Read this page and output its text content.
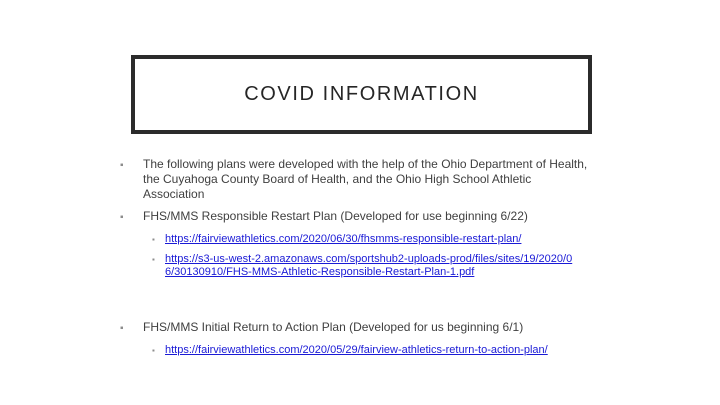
COVID INFORMATION
▪ The following plans were developed with the help of the Ohio Department of Health, the Cuyahoga County Board of Health, and the Ohio High School Athletic Association
▪ FHS/MMS Responsible Restart Plan (Developed for use beginning 6/22)
▪ https://fairviewathletics.com/2020/06/30/fhsmms-responsible-restart-plan/
▪ https://s3-us-west-2.amazonaws.com/sportshub2-uploads-prod/files/sites/19/2020/06/30130910/FHS-MMS-Athletic-Responsible-Restart-Plan-1.pdf
▪ FHS/MMS Initial Return to Action Plan (Developed for us beginning 6/1)
▪ https://fairviewathletics.com/2020/05/29/fairview-athletics-return-to-action-plan/
